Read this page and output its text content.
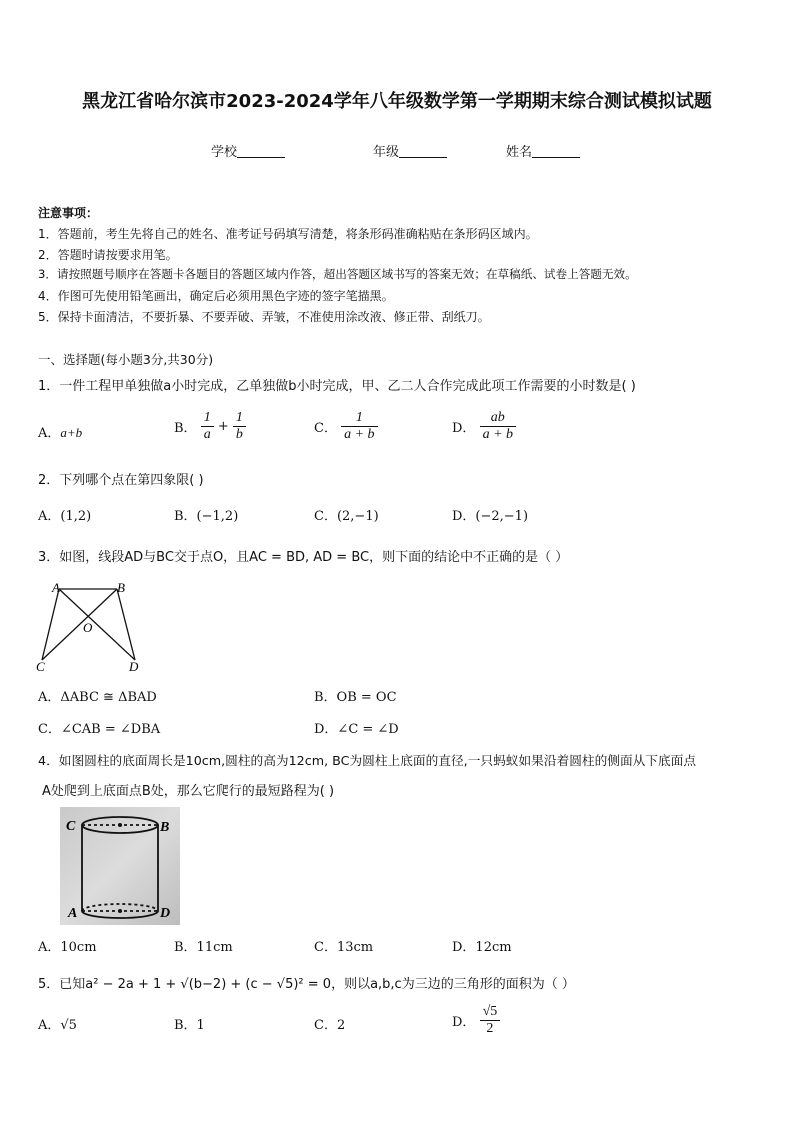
黑龙江省哈尔滨市2023-2024学年八年级数学第一学期期末综合测试模拟试题
学校	年级	姓名
注意事项：
1．答题前，考生先将自己的姓名、准考证号码填写清楚，将条形码准确粘贴在条形码区域内。
2．答题时请按要求用笔。
3．请按照题号顺序在答题卡各题目的答题区域内作答，超出答题区域书写的答案无效；在草稿纸、试卷上答题无效。
4．作图可先使用铅笔画出，确定后必须用黑色字迹的签字笔描黑。
5．保持卡面清洁，不要折暴、不要弄破、弄皱，不准使用涂改液、修正带、刮纸刀。
一、选择题(每小题3分,共30分)
1．一件工程甲单独做a小时完成，乙单独做b小时完成，甲、乙二人合作完成此项工作需要的小时数是( )
A．a+b	B． $\frac{1}{a} + \frac{1}{b}$	C． $\frac{1}{a + b}$	D． $\frac{ab}{a + b}$
2．下列哪个点在第四象限( )
A．(1,2)	B．(−1,2)	C．(2,−1)	D．(−2,−1)
3．如图，线段AD与BC交于点O，且AC = BD, AD = BC，则下面的结论中不正确的是（ ）
A	B
O
C	D
A．ΔABC ≅ ΔBAD	B．OB = OC
C．∠CAB = ∠DBA	D．∠C = ∠D
4．如图圆柱的底面周长是10cm,圆柱的高为12cm, BC为圆柱上底面的直径,一只蚂蚁如果沿着圆柱的侧面从下底面点
A处爬到上底面点B处，那么它爬行的最短路程为( )
C	B
A	D
A．10cm	B．11cm	C．13cm	D．12cm
5．已知a² − 2a + 1 + √(b−2) + (c − √5)² = 0，则以a,b,c为三边的三角形的面积为（ ）
A．√5	B．1	C．2	D． $\frac{√5}{2}$
